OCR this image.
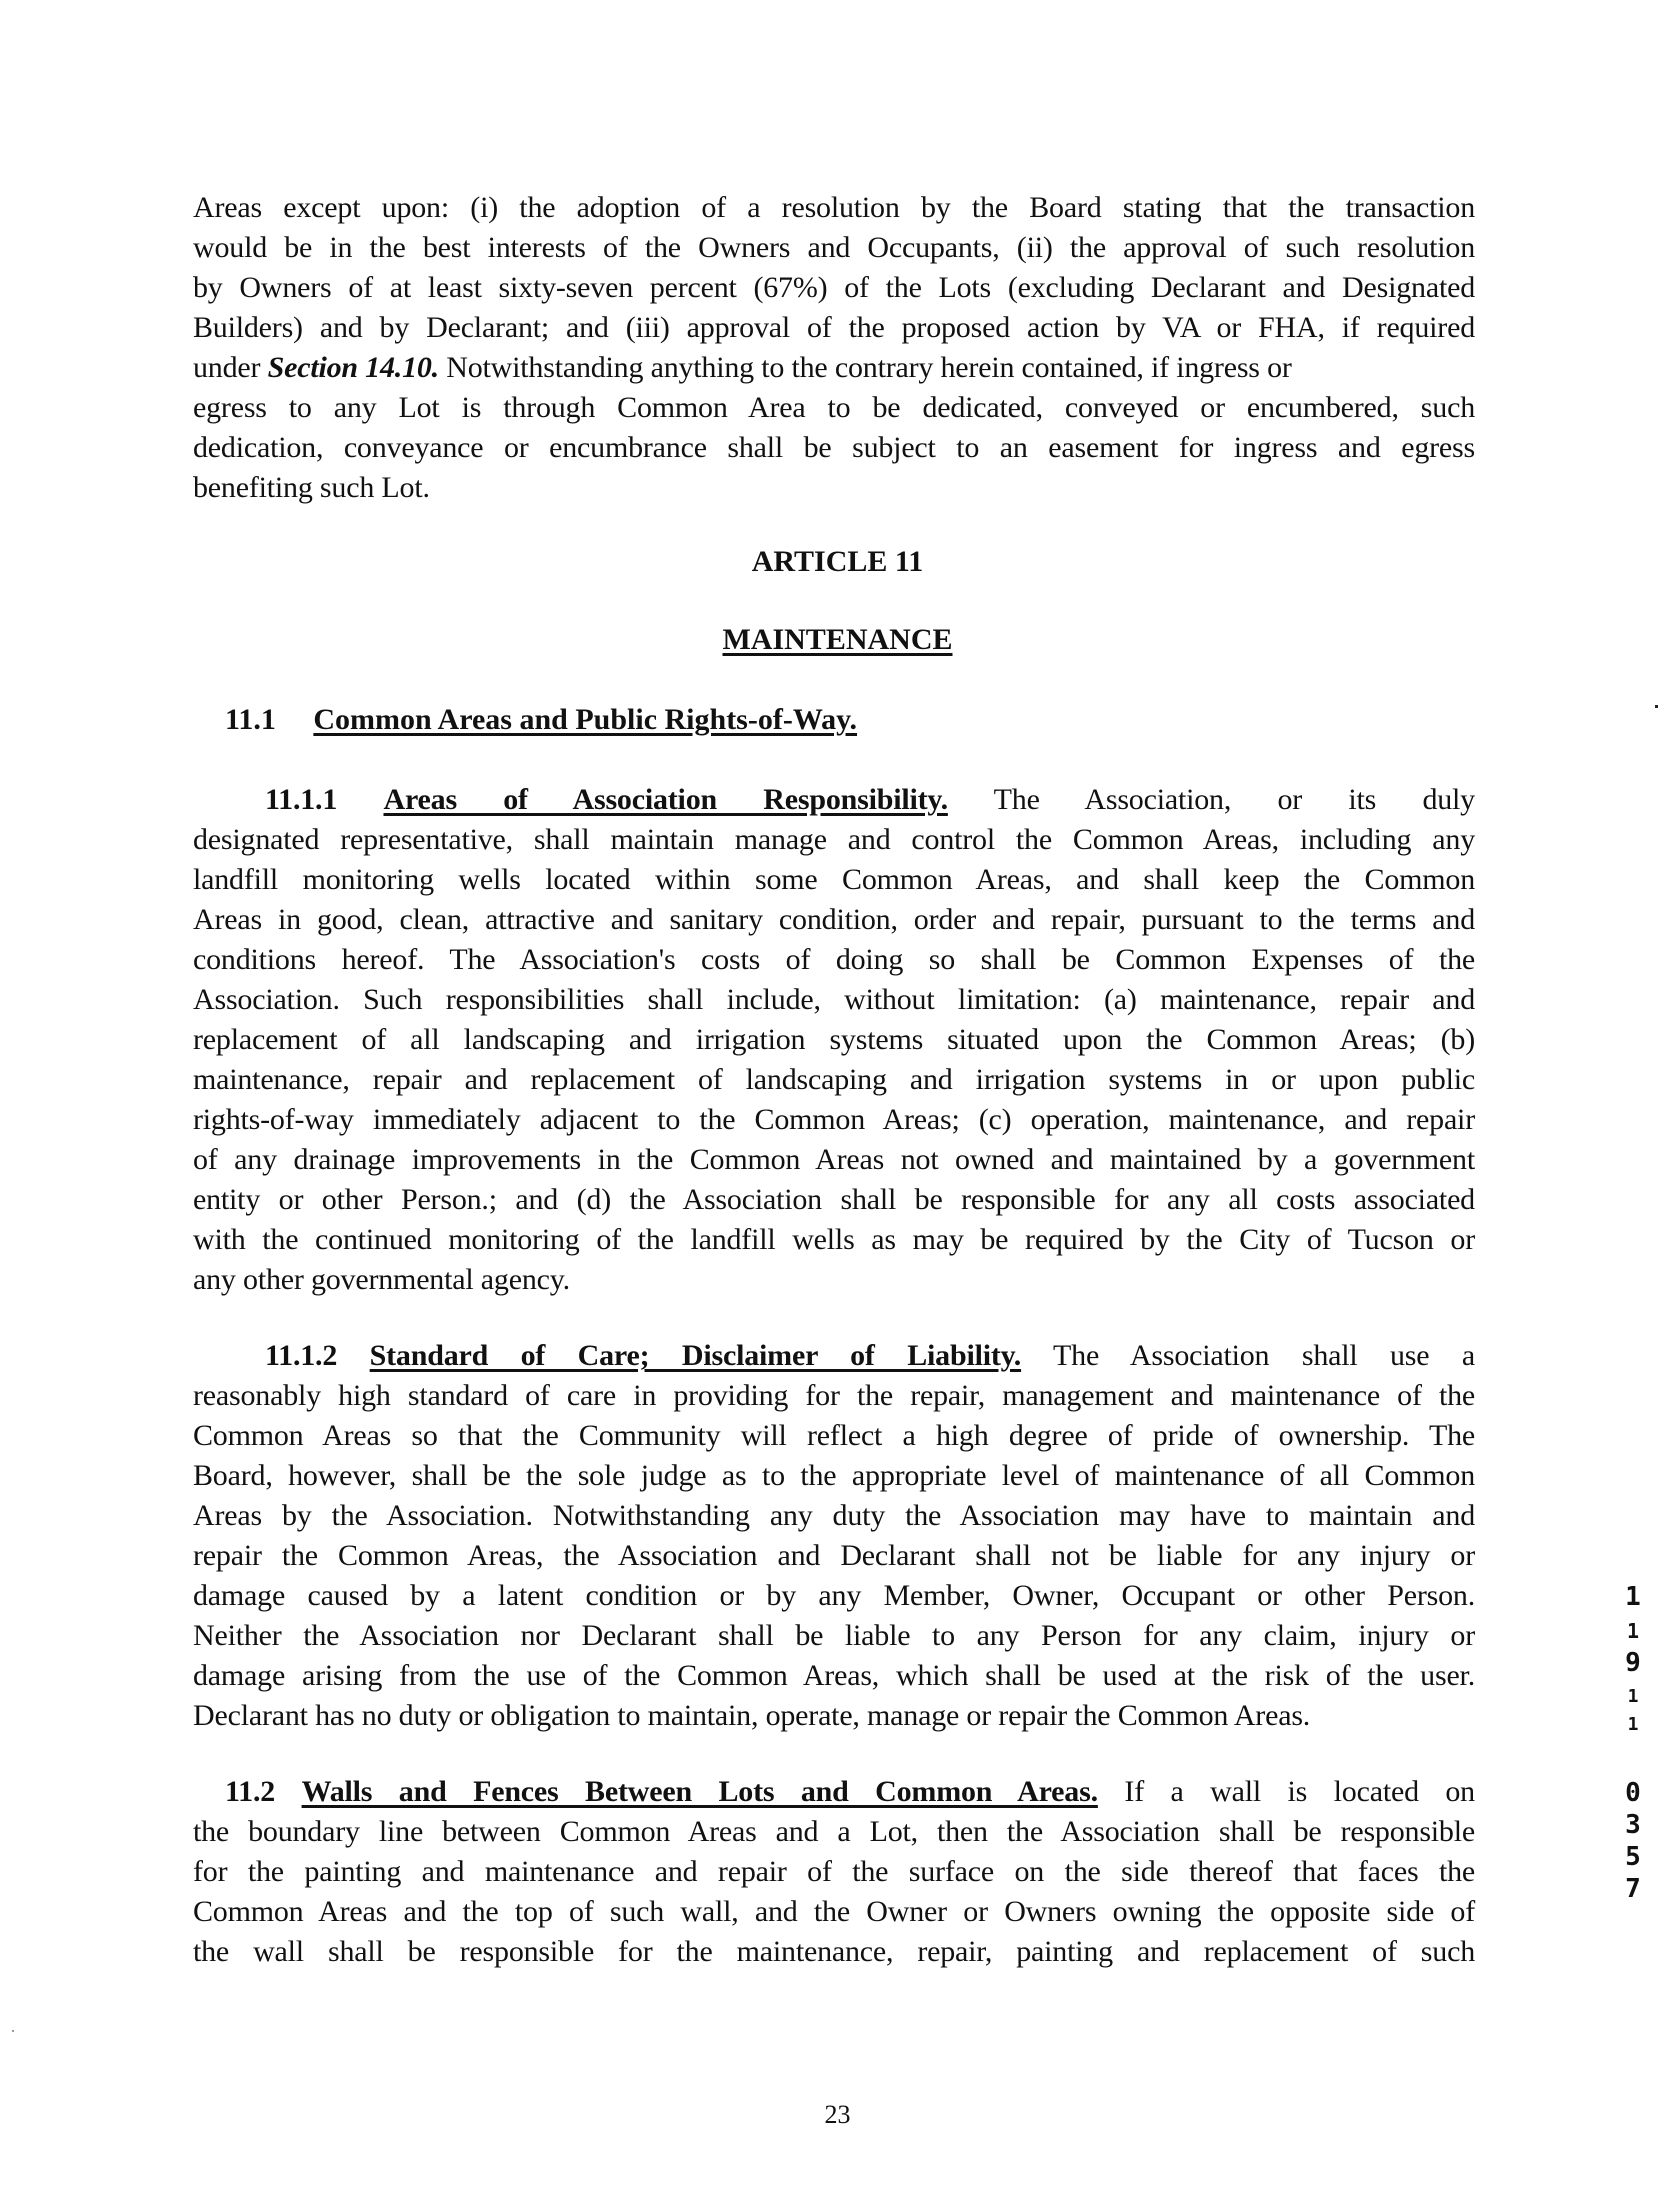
Areas except upon: (i) the adoption of a resolution by the Board stating that the transaction
would be in the best interests of the Owners and Occupants, (ii) the approval of such resolution
by Owners of at least sixty-seven percent (67%) of the Lots (excluding Declarant and Designated
Builders) and by Declarant; and (iii) approval of the proposed action by VA or FHA, if required
under Section 14.10. Notwithstanding anything to the contrary herein contained, if ingress or
egress to any Lot is through Common Area to be dedicated, conveyed or encumbered, such
dedication, conveyance or encumbrance shall be subject to an easement for ingress and egress
benefiting such Lot.
ARTICLE 11
MAINTENANCE
11.1 Common Areas and Public Rights-of-Way.
11.1.1 Areas of Association Responsibility. The Association, or its duly
designated representative, shall maintain manage and control the Common Areas, including any
landfill monitoring wells located within some Common Areas, and shall keep the Common
Areas in good, clean, attractive and sanitary condition, order and repair, pursuant to the terms and
conditions hereof. The Association's costs of doing so shall be Common Expenses of the
Association. Such responsibilities shall include, without limitation: (a) maintenance, repair and
replacement of all landscaping and irrigation systems situated upon the Common Areas; (b)
maintenance, repair and replacement of landscaping and irrigation systems in or upon public
rights-of-way immediately adjacent to the Common Areas; (c) operation, maintenance, and repair
of any drainage improvements in the Common Areas not owned and maintained by a government
entity or other Person.; and (d) the Association shall be responsible for any all costs associated
with the continued monitoring of the landfill wells as may be required by the City of Tucson or
any other governmental agency.
11.1.2 Standard of Care; Disclaimer of Liability. The Association shall use a
reasonably high standard of care in providing for the repair, management and maintenance of the
Common Areas so that the Community will reflect a high degree of pride of ownership. The
Board, however, shall be the sole judge as to the appropriate level of maintenance of all Common
Areas by the Association. Notwithstanding any duty the Association may have to maintain and
repair the Common Areas, the Association and Declarant shall not be liable for any injury or
damage caused by a latent condition or by any Member, Owner, Occupant or other Person.
Neither the Association nor Declarant shall be liable to any Person for any claim, injury or
damage arising from the use of the Common Areas, which shall be used at the risk of the user.
Declarant has no duty or obligation to maintain, operate, manage or repair the Common Areas.
11.2 Walls and Fences Between Lots and Common Areas. If a wall is located on
the boundary line between Common Areas and a Lot, then the Association shall be responsible
for the painting and maintenance and repair of the surface on the side thereof that faces the
Common Areas and the top of such wall, and the Owner or Owners owning the opposite side of
the wall shall be responsible for the maintenance, repair, painting and replacement of such
1
1
9
1
1
0
3
5
7
23
